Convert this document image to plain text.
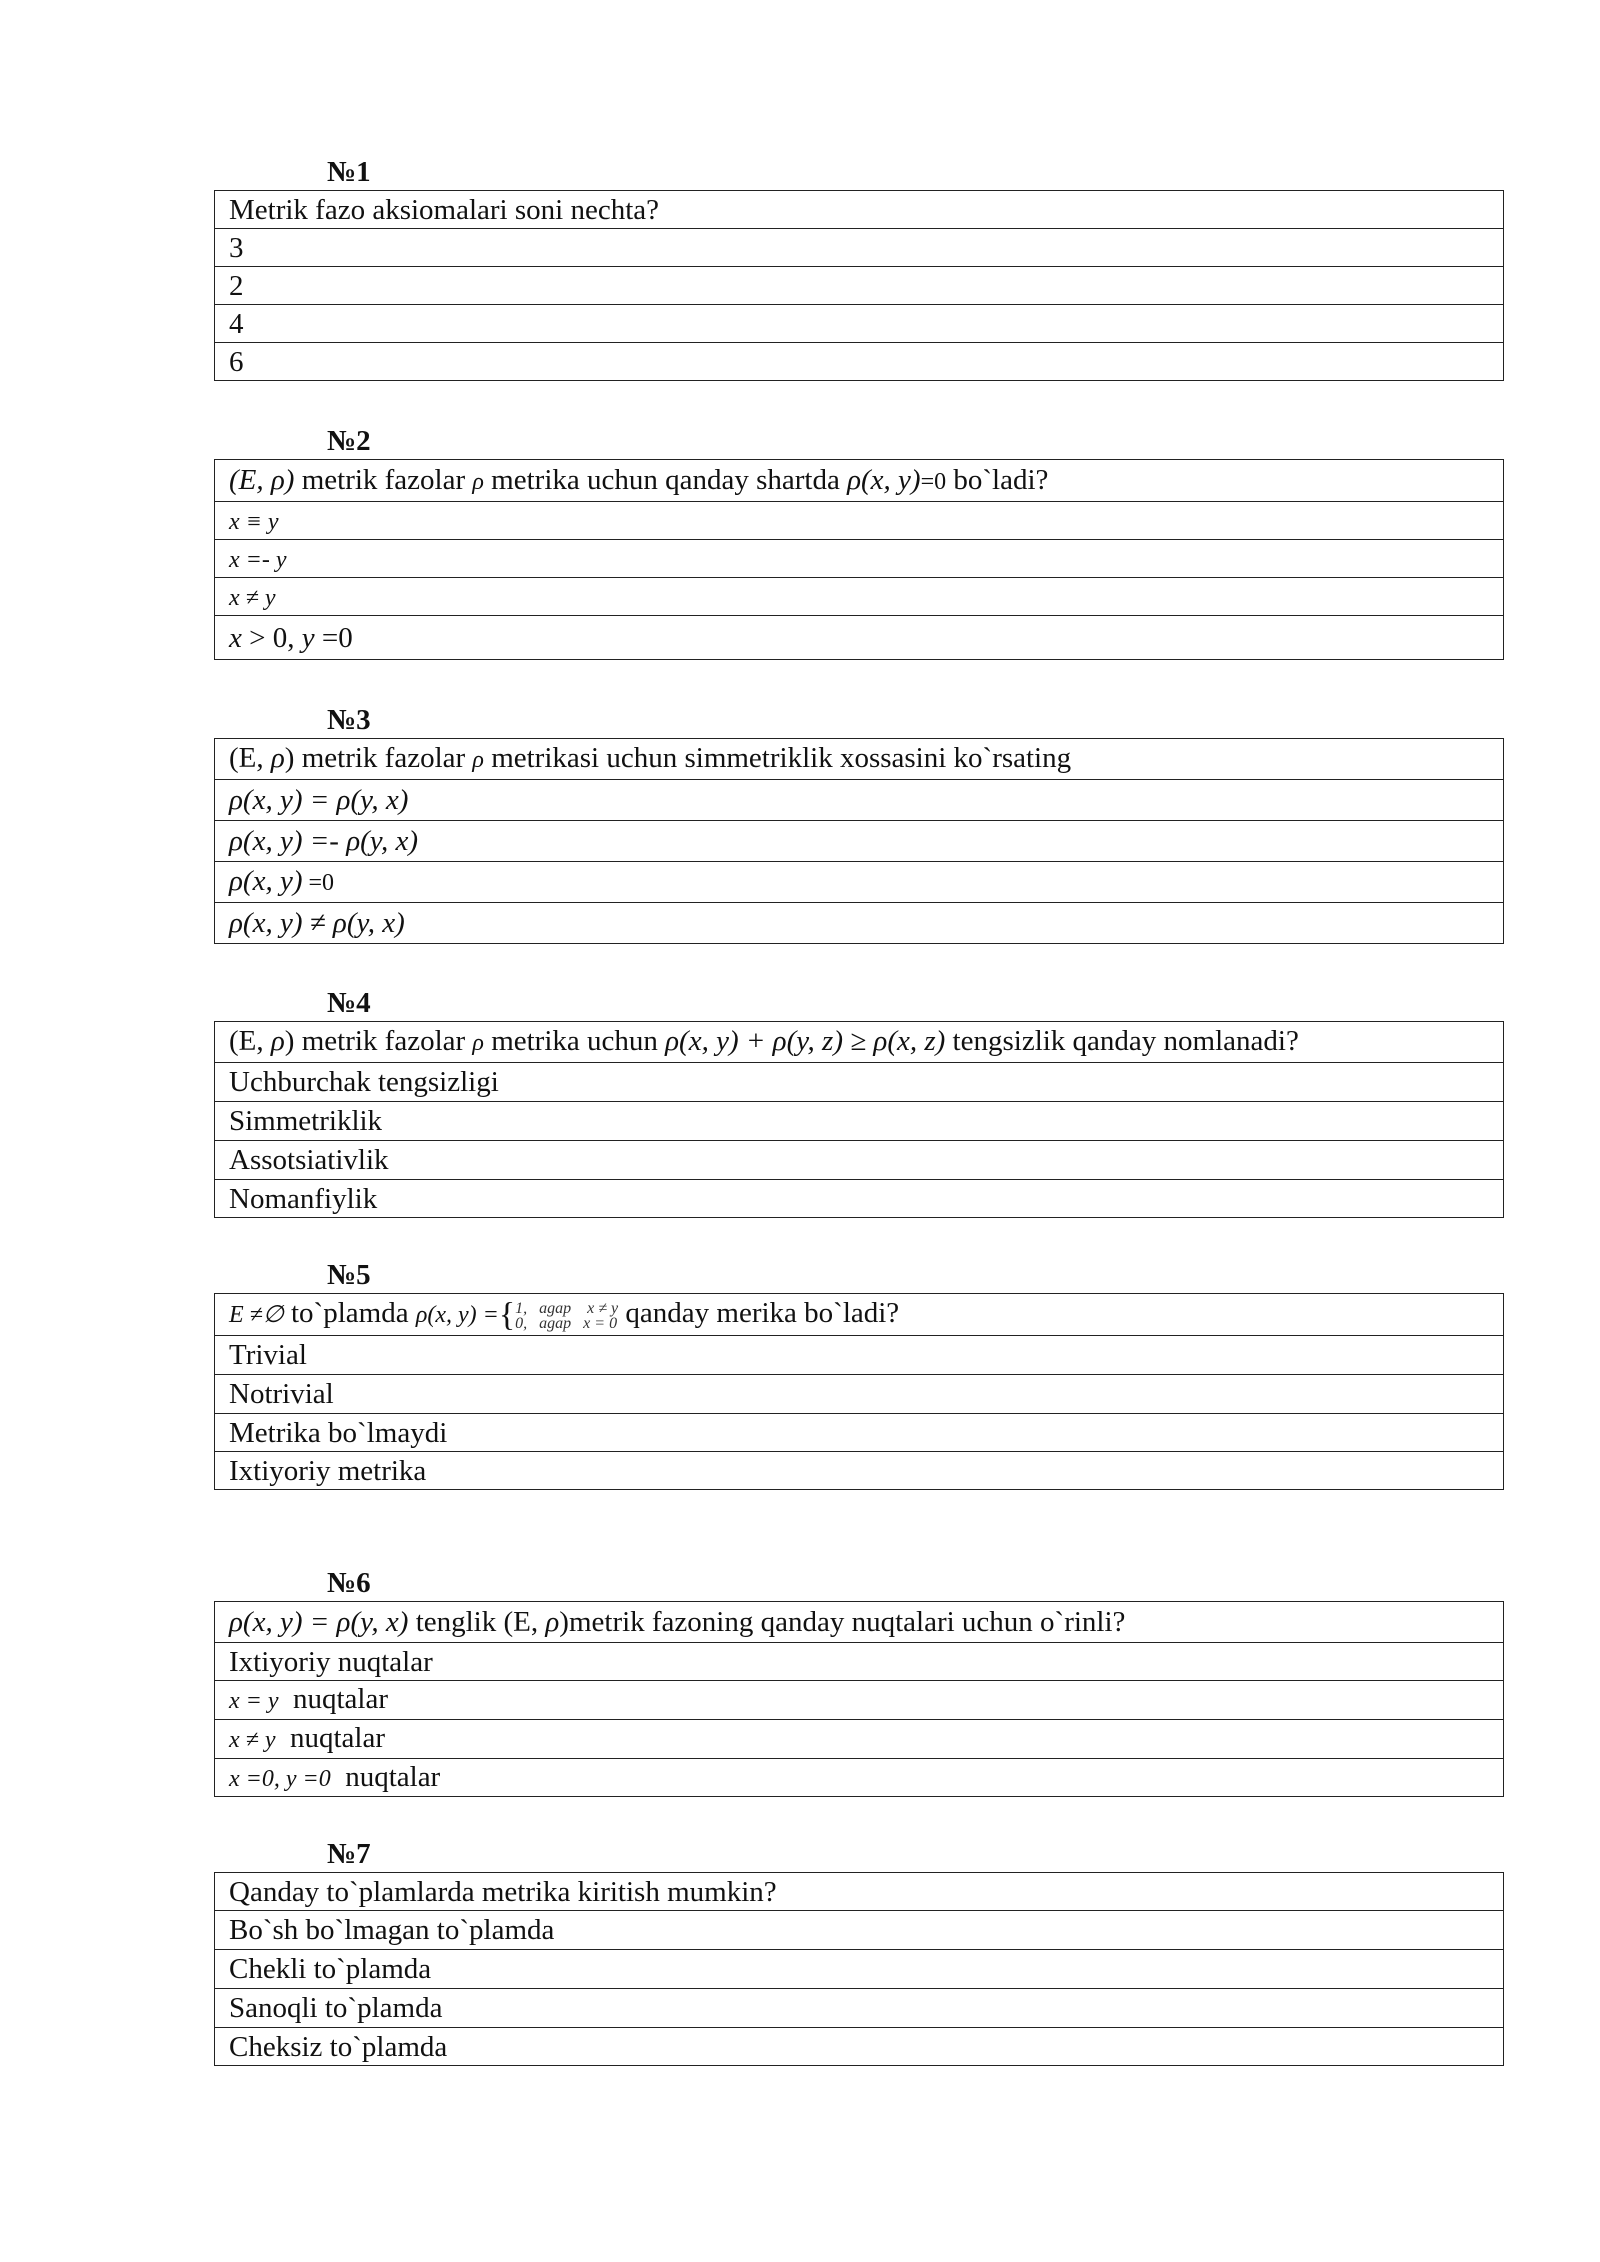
№1
Metrik fazo aksiomalari soni nechta?
3
2
4
6
№2
(E, ρ) metrik fazolar ρ metrika uchun qanday shartda ρ(x, y)=0 bo`ladi?
x ≡ y
x =- y
x ≠ y
x > 0, y =0
№3
(Ε, ρ) metrik fazolar ρ metrikasi uchun simmetriklik xossasini ko`rsating
ρ(x, y) = ρ(y, x)
ρ(x, y) =- ρ(y, x)
ρ(x, y) =0
ρ(x, y) ≠ ρ(y, x)
№4
(Ε, ρ) metrik fazolar ρ metrika uchun ρ(x, y) + ρ(y, z) ≥ ρ(x, z) tengsizlik qanday nomlanadi?
Uchburchak tengsizligi
Simmetriklik
Assotsiativlik
Nomanfiylik
№5
E ≠∅ to`plamda ρ(x, y) ={1,   agap    x ≠ y
0,   agap   x = 0 qanday merika bo`ladi?
Trivial
Notrivial
Metrika bo`lmaydi
Ixtiyoriy metrika
№6
ρ(x, y) = ρ(y, x) tenglik (Ε, ρ)metrik fazoning qanday nuqtalari uchun o`rinli?
Ixtiyoriy nuqtalar
x = y  nuqtalar
x ≠ y  nuqtalar
x =0, y =0  nuqtalar
№7
Qanday to`plamlarda metrika kiritish mumkin?
Bo`sh bo`lmagan to`plamda
Chekli to`plamda
Sanoqli to`plamda
Cheksiz to`plamda
